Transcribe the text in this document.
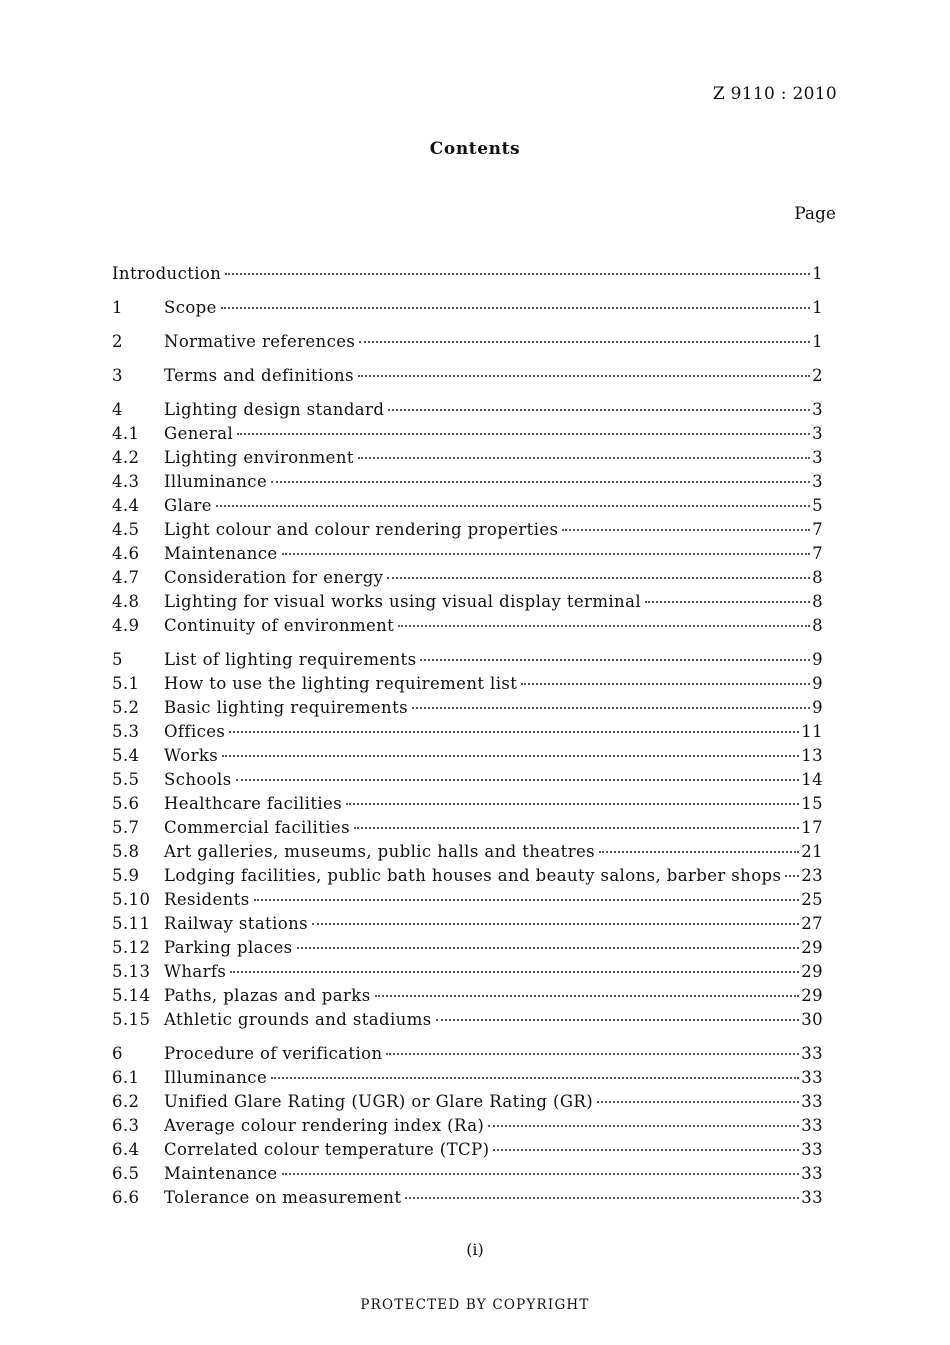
Z 9110 : 2010
Contents
Page
Introduction	1
1	Scope	1
2	Normative references	1
3	Terms and definitions	2
4	Lighting design standard	3
4.1	General	3
4.2	Lighting environment	3
4.3	Illuminance	3
4.4	Glare	5
4.5	Light colour and colour rendering properties	7
4.6	Maintenance	7
4.7	Consideration for energy	8
4.8	Lighting for visual works using visual display terminal	8
4.9	Continuity of environment	8
5	List of lighting requirements	9
5.1	How to use the lighting requirement list	9
5.2	Basic lighting requirements	9
5.3	Offices	11
5.4	Works	13
5.5	Schools	14
5.6	Healthcare facilities	15
5.7	Commercial facilities	17
5.8	Art galleries, museums, public halls and theatres	21
5.9	Lodging facilities, public bath houses and beauty salons, barber shops 23
5.10 Residents	25
5.11 Railway stations	27
5.12 Parking places	29
5.13 Wharfs	29
5.14 Paths, plazas and parks	29
5.15 Athletic grounds and stadiums	30
6	Procedure of verification	33
6.1	Illuminance	33
6.2	Unified Glare Rating (UGR) or Glare Rating (GR)	33
6.3	Average colour rendering index (Ra)	33
6.4	Correlated colour temperature (TCP)	33
6.5	Maintenance	33
6.6	Tolerance on measurement	33
(i)
PROTECTED BY COPYRIGHT
